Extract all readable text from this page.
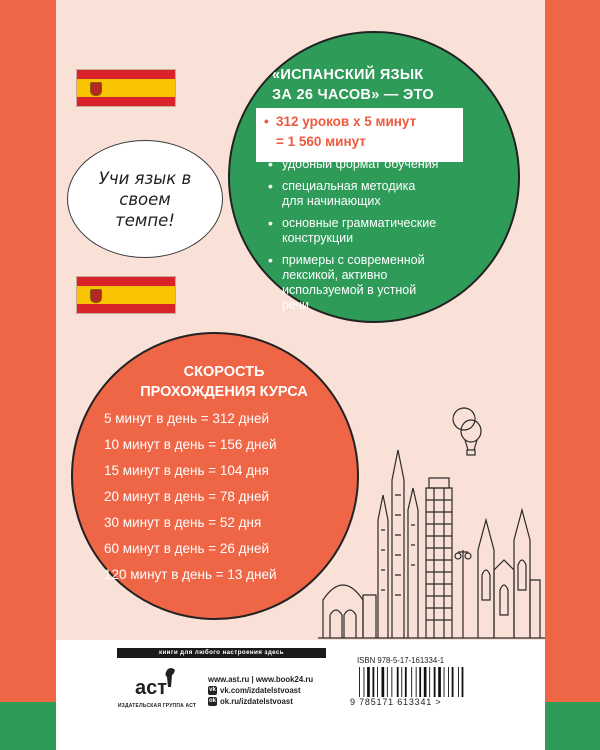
Учи язык в своем темпе!
«ИСПАНСКИЙ ЯЗЫК
ЗА 26 ЧАСОВ» — ЭТО
• 312 уроков х 5 минут
= 1 560 минут
• удобный формат обучения
• специальная методика
для начинающих
• основные грамматические
конструкции
• примеры с современной
лексикой, активно
используемой в устной
речи
СКОРОСТЬ
ПРОХОЖДЕНИЯ КУРСА
5 минут в день = 312 дней
10 минут в день = 156 дней
15 минут в день = 104 дня
20 минут в день = 78 дней
30 минут в день = 52 дня
60 минут в день = 26 дней
120 минут в день = 13 дней
книги для любого настроения здесь
аст
ИЗДАТЕЛЬСКАЯ ГРУППА АСТ
www.ast.ru | www.book24.ru
vk vk.com/izdatelstvoast
ok ok.ru/izdatelstvoast
ISBN 978-5-17-161334-1
9 785171 613341 >
